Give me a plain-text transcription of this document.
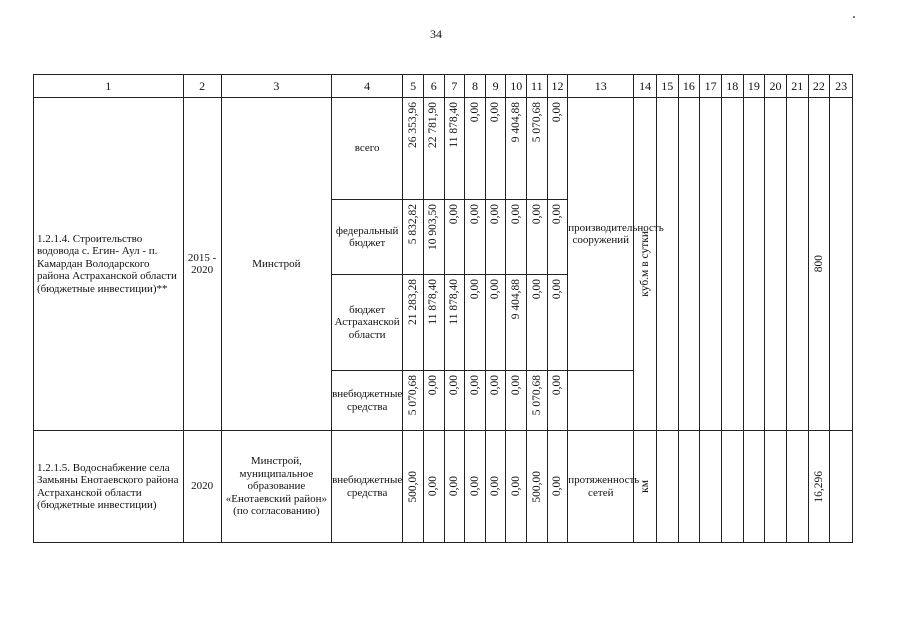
34
1	2	3	4	5	6	7	8	9	10	11	12	13	14	15	16	17	18	19	20	21	22	23
1.2.1.4. Строительство водовода с. Егин- Аул - п. Камардан Володарского района Астраханской области (бюджетные инвестиции)**	2015 - 2020	Минстрой	всего	26 353,96	22 781,90	11 878,40	0,00	0,00	9 404,88	5 070,68	0,00	производительность сооружений	куб.м в сутки								800	

			федеральный бюджет	5 832,82	10 903,50	0,00	0,00	0,00	0,00	0,00	0,00											

			бюджет Астраханской области	21 283,28	11 878,40	11 878,40	0,00	0,00	9 404,88	0,00	0,00											

			внебюджетные средства	5 070,68	0,00	0,00	0,00	0,00	0,00	5 070,68	0,00											

1.2.1.5. Водоснабжение села Замьяны Енотаевского района Астраханской области (бюджетные инвестиции)	2020	Минстрой, муниципальное образование «Енотаевский район» (по согласованию)	внебюджетные средства	500,00	0,00	0,00	0,00	0,00	0,00	500,00	0,00	протяженность сетей	км								16,296	
